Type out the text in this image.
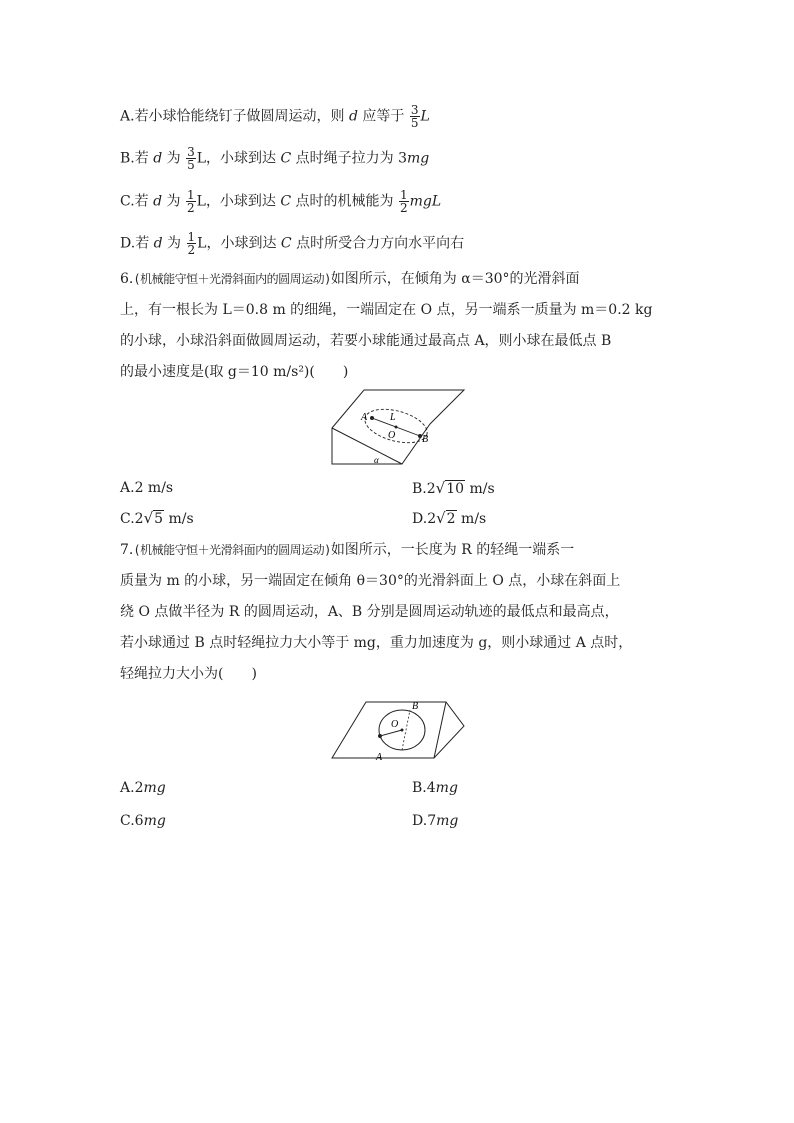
A.若小球恰能绕钉子做圆周运动，则 d 应等于 $\frac{3}{5}$ L
B.若 d 为 $\frac{3}{5}$ L，小球到达 C 点时绳子拉力为 3mg
C.若 d 为 $\frac{1}{2}$ L，小球到达 C 点时的机械能为 $\frac{1}{2}$ mgL
D.若 d 为 $\frac{1}{2}$ L，小球到达 C 点时所受合力方向水平向右
6.(机械能守恒＋光滑斜面内的圆周运动)如图所示，在倾角为 α＝30°的光滑斜面
上，有一根长为 L＝0.8 m 的细绳，一端固定在 O 点，另一端系一质量为 m＝0.2 kg
的小球，小球沿斜面做圆周运动，若要小球能通过最高点 A，则小球在最低点 B
的最小速度是(取 g＝10 m/s²)(　　)
A L
O	B
α
A.2 m/s	B.2√10 m/s
C.2√5 m/s	D.2√2 m/s
7.(机械能守恒＋光滑斜面内的圆周运动)如图所示，一长度为 R 的轻绳一端系一
质量为 m 的小球，另一端固定在倾角 θ＝30°的光滑斜面上 O 点，小球在斜面上
绕 O 点做半径为 R 的圆周运动，A、B 分别是圆周运动轨迹的最低点和最高点，
若小球通过 B 点时轻绳拉力大小等于 mg，重力加速度为 g，则小球通过 A 点时，
轻绳拉力大小为(　　)
B
O
A
A.2mg	B.4mg
C.6mg	D.7mg
